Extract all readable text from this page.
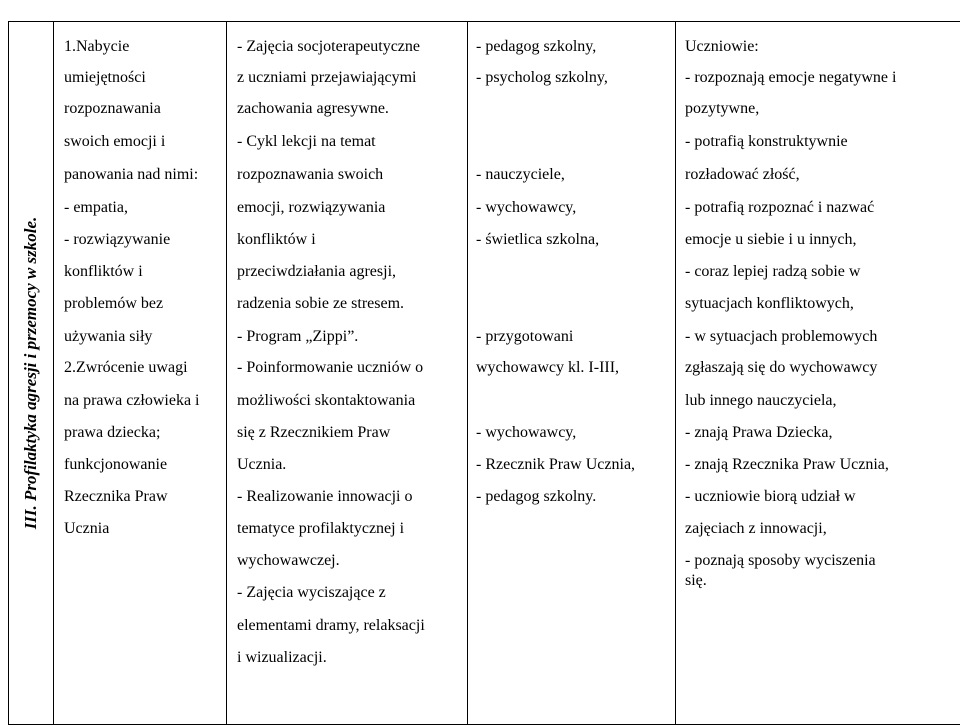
III. Profilaktyka agresji i przemocy w szkole.

1.Nabycie
umiejętności
rozpoznawania
swoich emocji i
panowania nad nimi:
- empatia,
- rozwiązywanie
konfliktów i
problemów bez
używania siły
2.Zwrócenie uwagi
na prawa człowieka i
prawa dziecka;
funkcjonowanie
Rzecznika Praw
Ucznia

- Zajęcia socjoterapeutyczne
z uczniami przejawiającymi
zachowania agresywne.
- Cykl lekcji na temat
rozpoznawania swoich
emocji, rozwiązywania
konfliktów i
przeciwdziałania agresji,
radzenia sobie ze stresem.
- Program „Zippi”.
- Poinformowanie uczniów o
możliwości skontaktowania
się z Rzecznikiem Praw
Ucznia.
- Realizowanie innowacji o
tematyce profilaktycznej i
wychowawczej.
- Zajęcia wyciszające z
elementami dramy, relaksacji
i wizualizacji.

- pedagog szkolny,
- psycholog szkolny,
- nauczyciele,
- wychowawcy,
- świetlica szkolna,
- przygotowani
wychowawcy kl. I-III,
- wychowawcy,
- Rzecznik Praw Ucznia,
- pedagog szkolny.

Uczniowie:
- rozpoznają emocje negatywne i
pozytywne,
- potrafią konstruktywnie
rozładować złość,
- potrafią rozpoznać i nazwać
emocje u siebie i u innych,
- coraz lepiej radzą sobie w
sytuacjach konfliktowych,
- w sytuacjach problemowych
zgłaszają się do wychowawcy
lub innego nauczyciela,
- znają Prawa Dziecka,
- znają Rzecznika Praw Ucznia,
- uczniowie biorą udział w
zajęciach z innowacji,
- poznają sposoby wyciszenia
się.
